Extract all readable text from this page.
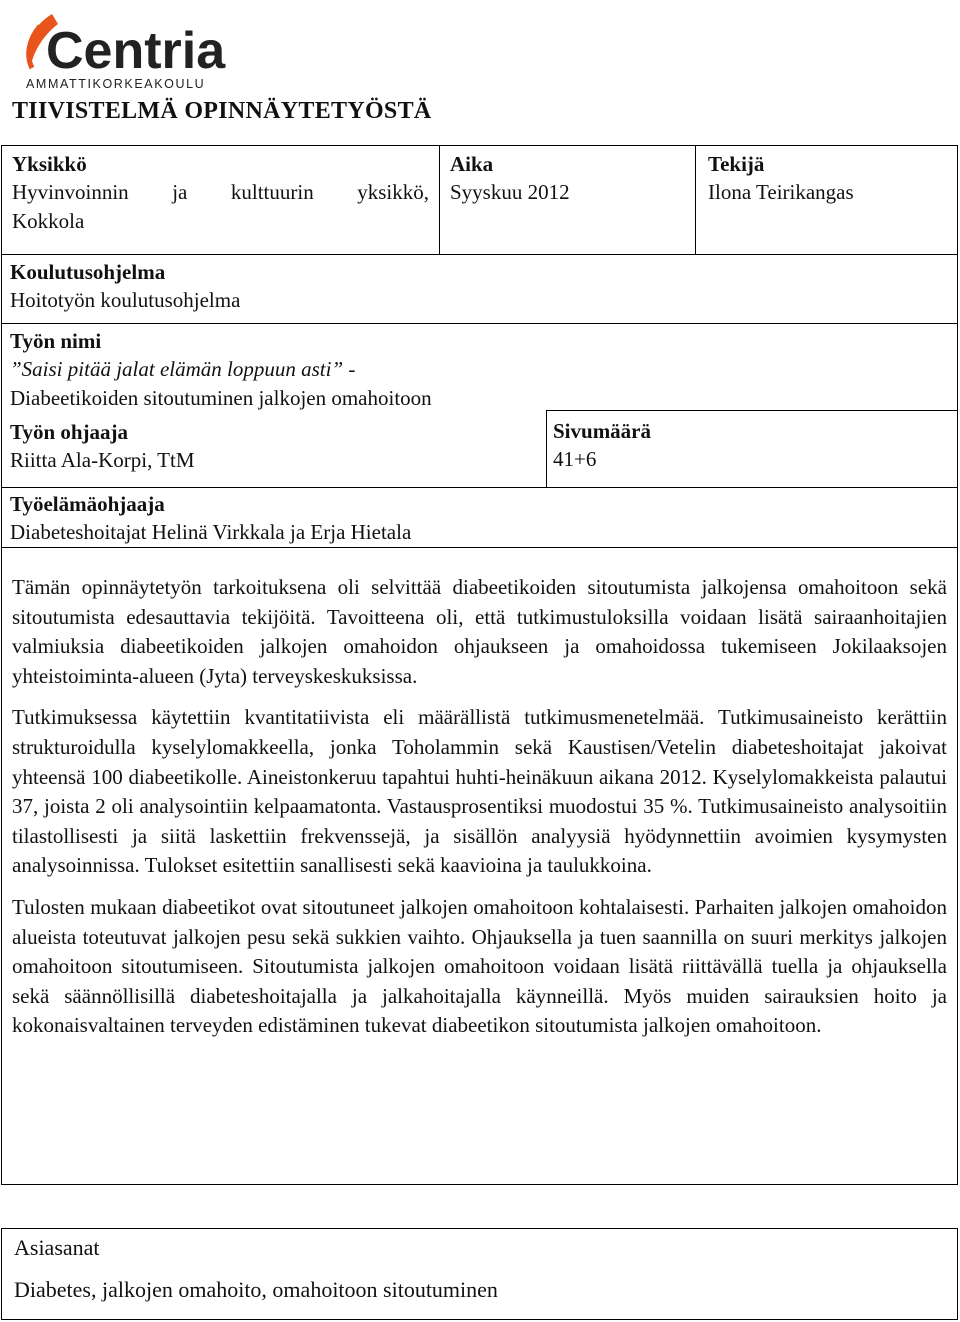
Centria
AMMATTIKORKEAKOULU
TIIVISTELMÄ OPINNÄYTETYÖSTÄ
Yksikkö
Hyvinvoinnin ja kulttuurin yksikkö,
Kokkola
Aika
Syyskuu 2012
Tekijä
Ilona Teirikangas
Koulutusohjelma
Hoitotyön koulutusohjelma
Työn nimi
”Saisi pitää jalat elämän loppuun asti” -
Diabeetikoiden sitoutuminen jalkojen omahoitoon
Työn ohjaaja
Riitta Ala-Korpi, TtM
Sivumäärä
41+6
Työelämäohjaaja
Diabeteshoitajat Helinä Virkkala ja Erja Hietala

Tämän opinnäytetyön tarkoituksena oli selvittää diabeetikoiden sitoutumista jalkojensa omahoitoon sekä sitoutumista edesauttavia tekijöitä. Tavoitteena oli, että tutkimustuloksilla voidaan lisätä sairaanhoitajien valmiuksia diabeetikoiden jalkojen omahoidon ohjaukseen ja omahoidossa tukemiseen Jokilaaksojen yhteistoiminta-alueen (Jyta) terveyskeskuksissa.

Tutkimuksessa käytettiin kvantitatiivista eli määrällistä tutkimusmenetelmää. Tutkimusaineisto kerättiin strukturoidulla kyselylomakkeella, jonka Toholammin sekä Kaustisen/Vetelin diabeteshoitajat jakoivat yhteensä 100 diabeetikolle. Aineistonkeruu tapahtui huhti-heinäkuun aikana 2012. Kyselylomakkeista palautui 37, joista 2 oli analysointiin kelpaamatonta. Vastausprosentiksi muodostui 35 %. Tutkimusaineisto analysoitiin tilastollisesti ja siitä laskettiin frekvenssejä, ja sisällön analyysiä hyödynnettiin avoimien kysymysten analysoinnissa. Tulokset esitettiin sanallisesti sekä kaavioina ja taulukkoina.

Tulosten mukaan diabeetikot ovat sitoutuneet jalkojen omahoitoon kohtalaisesti. Parhaiten jalkojen omahoidon alueista toteutuvat jalkojen pesu sekä sukkien vaihto. Ohjauksella ja tuen saannilla on suuri merkitys jalkojen omahoitoon sitoutumiseen. Sitoutumista jalkojen omahoitoon voidaan lisätä riittävällä tuella ja ohjauksella sekä säännöllisillä diabeteshoitajalla ja jalkahoitajalla käynneillä. Myös muiden sairauksien hoito ja kokonaisvaltainen terveyden edistäminen tukevat diabeetikon sitoutumista jalkojen omahoitoon.

Asiasanat
Diabetes, jalkojen omahoito, omahoitoon sitoutuminen
